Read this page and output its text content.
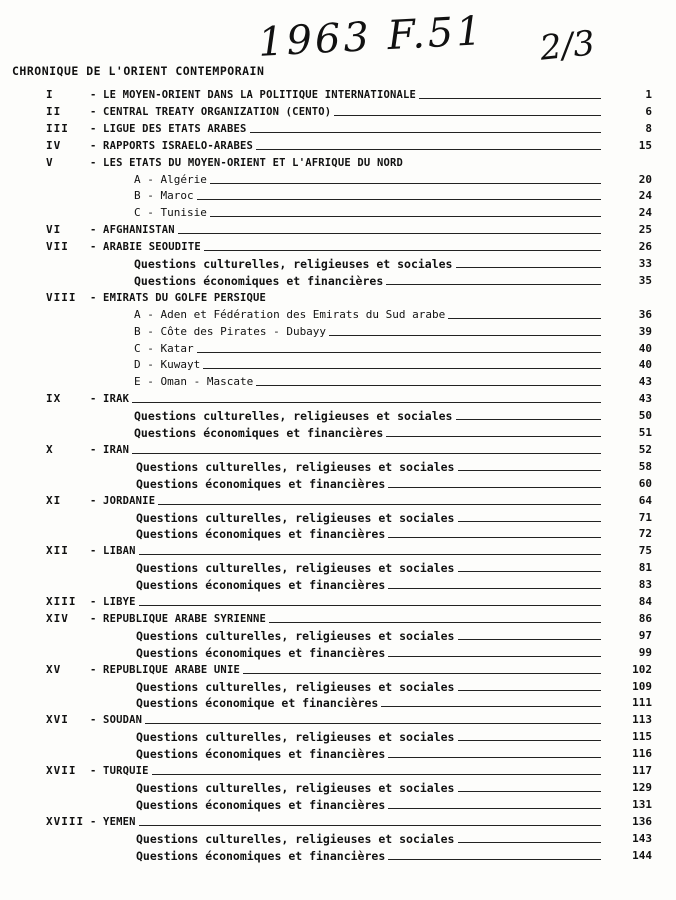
1963 F.51 2/3
CHRONIQUE DE L'ORIENT CONTEMPORAIN
I	- LE MOYEN-ORIENT DANS LA POLITIQUE INTERNATIONALE	1
II	- CENTRAL TREATY ORGANIZATION (CENTO)	6
III - LIGUE DES ETATS ARABES	8
IV	- RAPPORTS ISRAELO-ARABES	15
V	- LES ETATS DU MOYEN-ORIENT ET L'AFRIQUE DU NORD
A - Algérie	20
B - Maroc	24
C - Tunisie	24
VI	- AFGHANISTAN	25
VII - ARABIE SEOUDITE	26
Questions culturelles, religieuses et sociales	33
Questions économiques et financières	35
VIII - EMIRATS DU GOLFE PERSIQUE
A - Aden et Fédération des Emirats du Sud arabe	36
B - Côte des Pirates - Dubayy	39
C - Katar	40
D - Kuwayt	40
E - Oman - Mascate	43
IX	- IRAK	43
Questions culturelles, religieuses et sociales	50
Questions économiques et financières	51
X	- IRAN	52
Questions culturelles, religieuses et sociales	58
Questions économiques et financières	60
XI	- JORDANIE	64
Questions culturelles, religieuses et sociales	71
Questions économiques et financières	72
XII - LIBAN	75
Questions culturelles, religieuses et sociales	81
Questions économiques et financières	83
XIII - LIBYE	84
XIV - REPUBLIQUE ARABE SYRIENNE	86
Questions culturelles, religieuses et sociales	97
Questions économiques et financières	99
XV	- REPUBLIQUE ARABE UNIE	102
Questions culturelles, religieuses et sociales	109
Questions économique et financières	111
XVI - SOUDAN	113
Questions culturelles, religieuses et sociales	115
Questions économiques et financières	116
XVII - TURQUIE	117
Questions culturelles, religieuses et sociales	129
Questions économiques et financières	131
XVIII - YEMEN	136
Questions culturelles, religieuses et sociales	143
Questions économiques et financières	144
